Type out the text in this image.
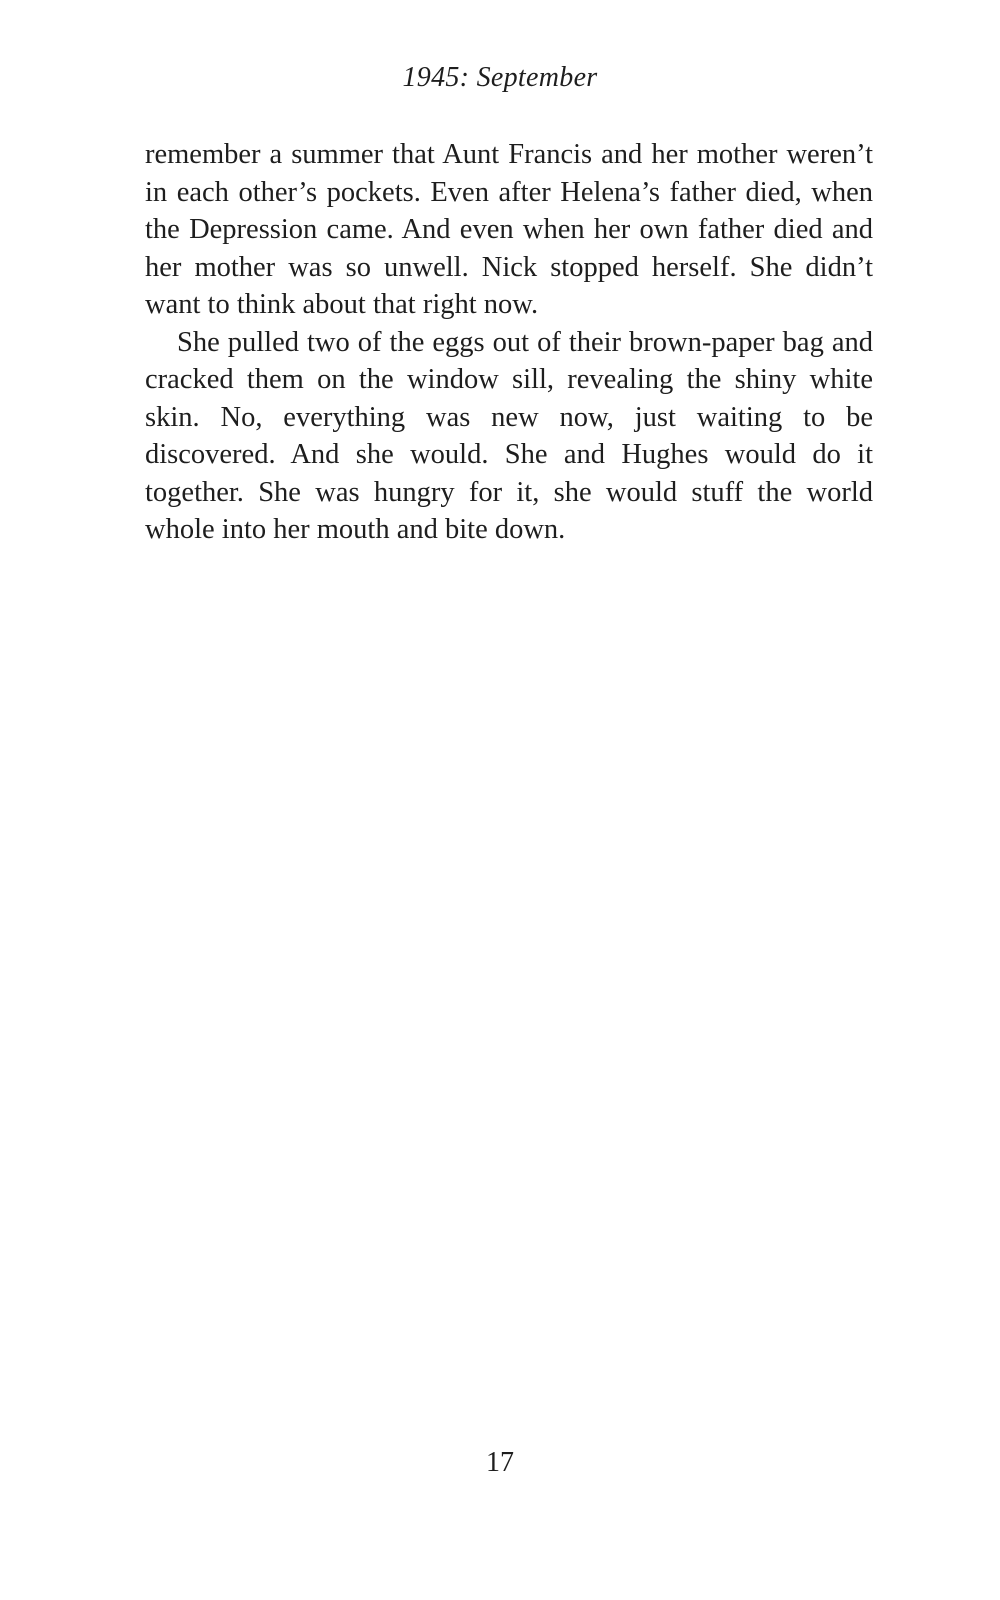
1945: September

remember a summer that Aunt Francis and her mother weren’t in each other’s pockets. Even after Helena’s father died, when the Depression came. And even when her own father died and her mother was so unwell. Nick stopped herself. She didn’t want to think about that right now.

She pulled two of the eggs out of their brown-paper bag and cracked them on the window sill, revealing the shiny white skin. No, everything was new now, just waiting to be discovered. And she would. She and Hughes would do it together. She was hungry for it, she would stuff the world whole into her mouth and bite down.

17
